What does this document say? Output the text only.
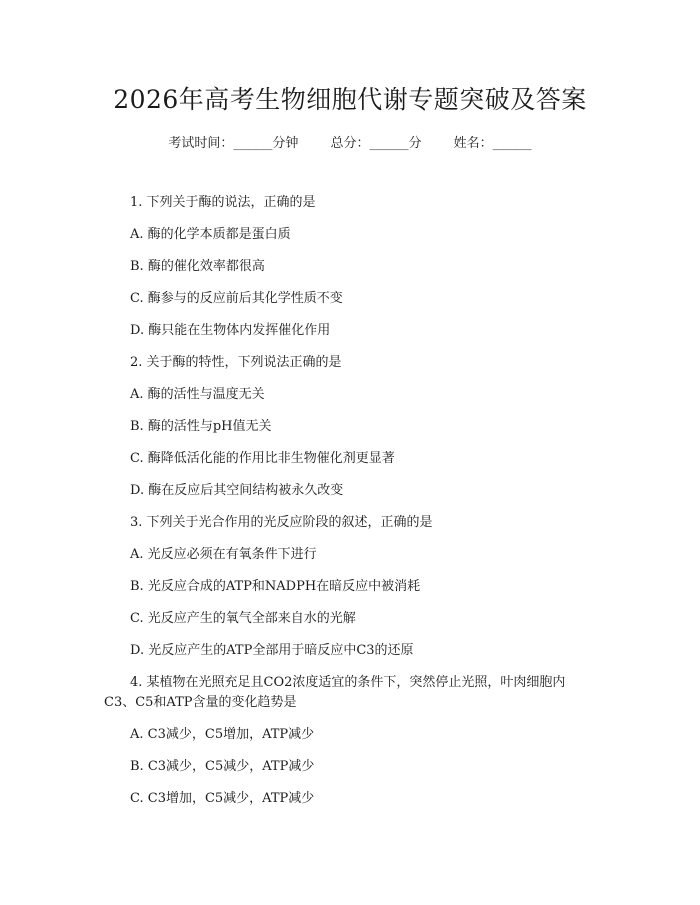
2026年高考生物细胞代谢专题突破及答案
考试时间：______分钟 总分：______分 姓名：______
1. 下列关于酶的说法，正确的是
A. 酶的化学本质都是蛋白质
B. 酶的催化效率都很高
C. 酶参与的反应前后其化学性质不变
D. 酶只能在生物体内发挥催化作用
2. 关于酶的特性，下列说法正确的是
A. 酶的活性与温度无关
B. 酶的活性与pH值无关
C. 酶降低活化能的作用比非生物催化剂更显著
D. 酶在反应后其空间结构被永久改变
3. 下列关于光合作用的光反应阶段的叙述，正确的是
A. 光反应必须在有氧条件下进行
B. 光反应合成的ATP和NADPH在暗反应中被消耗
C. 光反应产生的氧气全部来自水的光解
D. 光反应产生的ATP全部用于暗反应中C3的还原
4. 某植物在光照充足且CO2浓度适宜的条件下，突然停止光照，叶肉细胞内
C3、C5和ATP含量的变化趋势是
A. C3减少，C5增加，ATP减少
B. C3减少，C5减少，ATP减少
C. C3增加，C5减少，ATP减少
